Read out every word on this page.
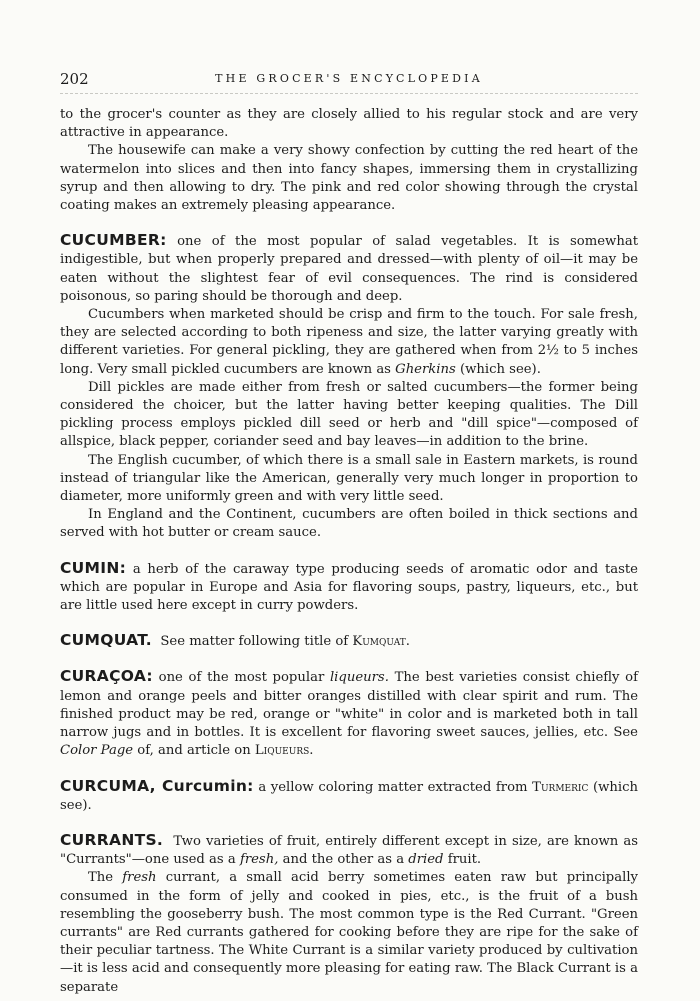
202	THE GROCER'S ENCYCLOPEDIA

to the grocer's counter as they are closely allied to his regular stock and are very attractive in appearance.

The housewife can make a very showy confection by cutting the red heart of the watermelon into slices and then into fancy shapes, immersing them in crystallizing syrup and then allowing to dry. The pink and red color showing through the crystal coating makes an extremely pleasing appearance.

CUCUMBER: one of the most popular of salad vegetables. It is somewhat indigestible, but when properly prepared and dressed—with plenty of oil—it may be eaten without the slightest fear of evil consequences. The rind is considered poisonous, so paring should be thorough and deep.

Cucumbers when marketed should be crisp and firm to the touch. For sale fresh, they are selected according to both ripeness and size, the latter varying greatly with different varieties. For general pickling, they are gathered when from 2½ to 5 inches long. Very small pickled cucumbers are known as Gherkins (which see).

Dill pickles are made either from fresh or salted cucumbers—the former being considered the choicer, but the latter having better keeping qualities. The Dill pickling process employs pickled dill seed or herb and "dill spice"—composed of allspice, black pepper, coriander seed and bay leaves—in addition to the brine.

The English cucumber, of which there is a small sale in Eastern markets, is round instead of triangular like the American, generally very much longer in proportion to diameter, more uniformly green and with very little seed.

In England and the Continent, cucumbers are often boiled in thick sections and served with hot butter or cream sauce.

CUMIN: a herb of the caraway type producing seeds of aromatic odor and taste which are popular in Europe and Asia for flavoring soups, pastry, liqueurs, etc., but are little used here except in curry powders.

CUMQUAT. See matter following title of Kumquat.

CURAÇOA: one of the most popular liqueurs. The best varieties consist chiefly of lemon and orange peels and bitter oranges distilled with clear spirit and rum. The finished product may be red, orange or "white" in color and is marketed both in tall narrow jugs and in bottles. It is excellent for flavoring sweet sauces, jellies, etc. See Color Page of, and article on Liqueurs.

CURCUMA, Curcumin: a yellow coloring matter extracted from Turmeric (which see).

CURRANTS. Two varieties of fruit, entirely different except in size, are known as "Currants"—one used as a fresh, and the other as a dried fruit.

The fresh currant, a small acid berry sometimes eaten raw but principally consumed in the form of jelly and cooked in pies, etc., is the fruit of a bush resembling the gooseberry bush. The most common type is the Red Currant. "Green currants" are Red currants gathered for cooking before they are ripe for the sake of their peculiar tartness. The White Currant is a similar variety produced by cultivation—it is less acid and consequently more pleasing for eating raw. The Black Currant is a separate
